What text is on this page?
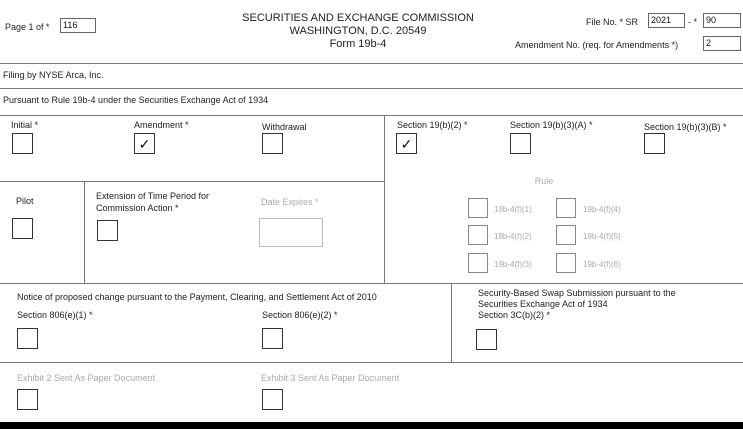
Page 1 of *	116
SECURITIES AND EXCHANGE COMMISSION
WASHINGTON, D.C. 20549
Form 19b-4
File No. * SR	2021	- *	90
Amendment No. (req. for Amendments *)	2
Filing by NYSE Arca, Inc.
Pursuant to Rule 19b-4 under the Securities Exchange Act of 1934
Initial *	Amendment *
✓
Withdrawal	Section 19(b)(2) *
✓
Section 19(b)(3)(A) *	Section 19(b)(3)(B) *
Pilot	Extension of Time Period for
Commission Action *
Date Expires *
Rule
19b-4(f)(1)	19b-4(f)(4)
19b-4(f)(2)	19b-4(f)(5)
19b-4(f)(3)	19b-4(f)(6)
Notice of proposed change pursuant to the Payment, Clearing, and Settlement Act of 2010
Section 806(e)(1) *	Section 806(e)(2) *
Security-Based Swap Submission pursuant to the
Securities Exchange Act of 1934
Section 3C(b)(2) *
Exhibit 2 Sent As Paper Document	Exhibit 3 Sent As Paper Document
